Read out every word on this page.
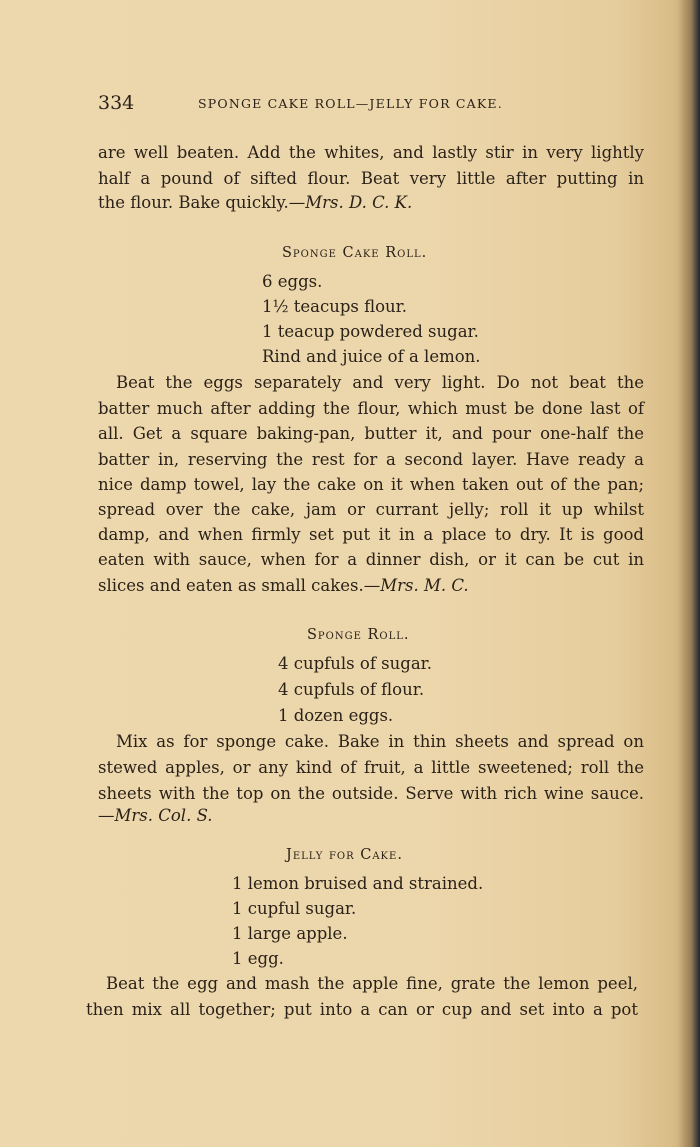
334	SPONGE CAKE ROLL—JELLY FOR CAKE.
are well beaten. Add the whites, and lastly stir in very lightly
half a pound of sifted flour. Beat very little after putting in
the flour. Bake quickly.—Mrs. D. C. K.
Sponge Cake Roll.
6 eggs.
1½ teacups flour.
1 teacup powdered sugar.
Rind and juice of a lemon.
Beat the eggs separately and very light. Do not beat the
batter much after adding the flour, which must be done last of
all. Get a square baking-pan, butter it, and pour one-half the
batter in, reserving the rest for a second layer. Have ready a
nice damp towel, lay the cake on it when taken out of the pan;
spread over the cake, jam or currant jelly; roll it up whilst
damp, and when firmly set put it in a place to dry. It is good
eaten with sauce, when for a dinner dish, or it can be cut in
slices and eaten as small cakes.—Mrs. M. C.
Sponge Roll.
4 cupfuls of sugar.
4 cupfuls of flour.
1 dozen eggs.
Mix as for sponge cake. Bake in thin sheets and spread on
stewed apples, or any kind of fruit, a little sweetened; roll the
sheets with the top on the outside. Serve with rich wine sauce.
—Mrs. Col. S.
Jelly for Cake.
1 lemon bruised and strained.
1 cupful sugar.
1 large apple.
1 egg.
Beat the egg and mash the apple fine, grate the lemon peel,
then mix all together; put into a can or cup and set into a pot
